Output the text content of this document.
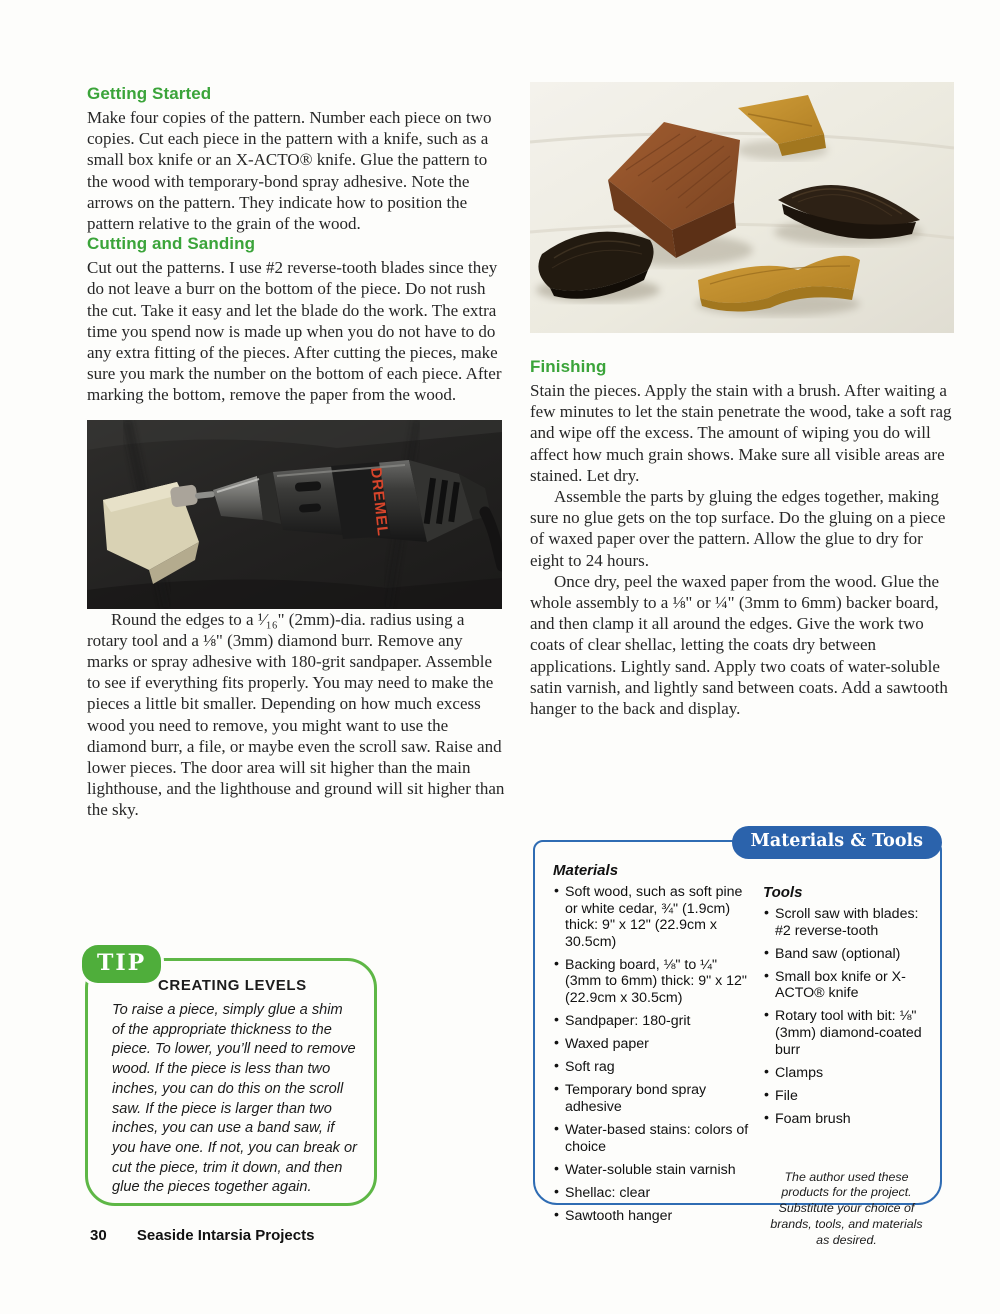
Getting Started

Make four copies of the pattern. Number each piece on two copies. Cut each piece in the pattern with a knife, such as a small box knife or an X-ACTO® knife. Glue the pattern to the wood with temporary-bond spray adhesive. Note the arrows on the pattern. They indicate how to position the pattern relative to the grain of the wood.

Cutting and Sanding

Cut out the patterns. I use #2 reverse-tooth blades since they do not leave a burr on the bottom of the piece. Do not rush the cut. Take it easy and let the blade do the work. The extra time you spend now is made up when you do not have to do any extra fitting of the pieces. After cutting the pieces, make sure you mark the number on the bottom of each piece. After marking the bottom, remove the paper from the wood.

DREMEL

Round the edges to a ¹⁄₁₆" (2mm)-dia. radius using a rotary tool and a ⅛" (3mm) diamond burr. Remove any marks or spray adhesive with 180-grit sandpaper. Assemble to see if everything fits properly. You may need to make the pieces a little bit smaller. Depending on how much excess wood you need to remove, you might want to use the diamond burr, a file, or maybe even the scroll saw. Raise and lower pieces. The door area will sit higher than the main lighthouse, and the lighthouse and ground will sit higher than the sky.

Finishing

Stain the pieces. Apply the stain with a brush. After waiting a few minutes to let the stain penetrate the wood, take a soft rag and wipe off the excess. The amount of wiping you do will affect how much grain shows. Make sure all visible areas are stained. Let dry.

Assemble the parts by gluing the edges together, making sure no glue gets on the top surface. Do the gluing on a piece of waxed paper over the pattern. Allow the glue to dry for eight to 24 hours.

Once dry, peel the waxed paper from the wood. Glue the whole assembly to a ⅛" or ¼" (3mm to 6mm) backer board, and then clamp it all around the edges. Give the work two coats of clear shellac, letting the coats dry between applications. Lightly sand. Apply two coats of water-soluble satin varnish, and lightly sand between coats. Add a sawtooth hanger to the back and display.

TIP
CREATING LEVELS

To raise a piece, simply glue a shim of the appropriate thickness to the piece. To lower, you’ll need to remove wood. If the piece is less than two inches, you can do this on the scroll saw. If the piece is larger than two inches, you can use a band saw, if you have one. If not, you can break or cut the piece, trim it down, and then glue the pieces together again.

Materials & Tools
Materials
• Soft wood, such as soft pine or white cedar, ¾" (1.9cm) thick: 9" x 12" (22.9cm x 30.5cm)
• Backing board, ⅛" to ¼" (3mm to 6mm) thick: 9" x 12" (22.9cm x 30.5cm)
• Sandpaper: 180-grit
• Waxed paper
• Soft rag
• Temporary bond spray adhesive
• Water-based stains: colors of choice
• Water-soluble stain varnish
• Shellac: clear
• Sawtooth hanger
Tools
• Scroll saw with blades: #2 reverse-tooth
• Band saw (optional)
• Small box knife or X-ACTO® knife
• Rotary tool with bit: ⅛" (3mm) diamond-coated burr
• Clamps
• File
• Foam brush

The author used these products for the project. Substitute your choice of brands, tools, and materials as desired.

30 Seaside Intarsia Projects
